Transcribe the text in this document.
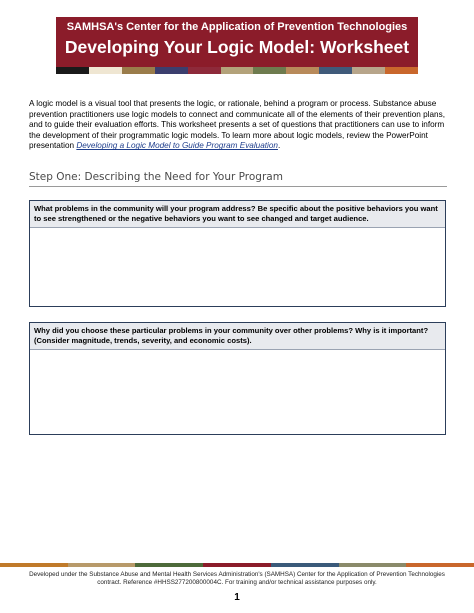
SAMHSA's Center for the Application of Prevention Technologies
Developing Your Logic Model: Worksheet
A logic model is a visual tool that presents the logic, or rationale, behind a program or process. Substance abuse prevention practitioners use logic models to connect and communicate all of the elements of their prevention plans, and to guide their evaluation efforts. This worksheet presents a set of questions that practitioners can use to inform the development of their programmatic logic models. To learn more about logic models, review the PowerPoint presentation Developing a Logic Model to Guide Program Evaluation.
Step One: Describing the Need for Your Program
What problems in the community will your program address? Be specific about the positive behaviors you want to see strengthened or the negative behaviors you want to see changed and target audience.
Why did you choose these particular problems in your community over other problems? Why is it important? (Consider magnitude, trends, severity, and economic costs).
Developed under the Substance Abuse and Mental Health Services Administration's (SAMHSA) Center for the Application of Prevention Technologies contract. Reference #HHSS277200800004C. For training and/or technical assistance purposes only.
1
